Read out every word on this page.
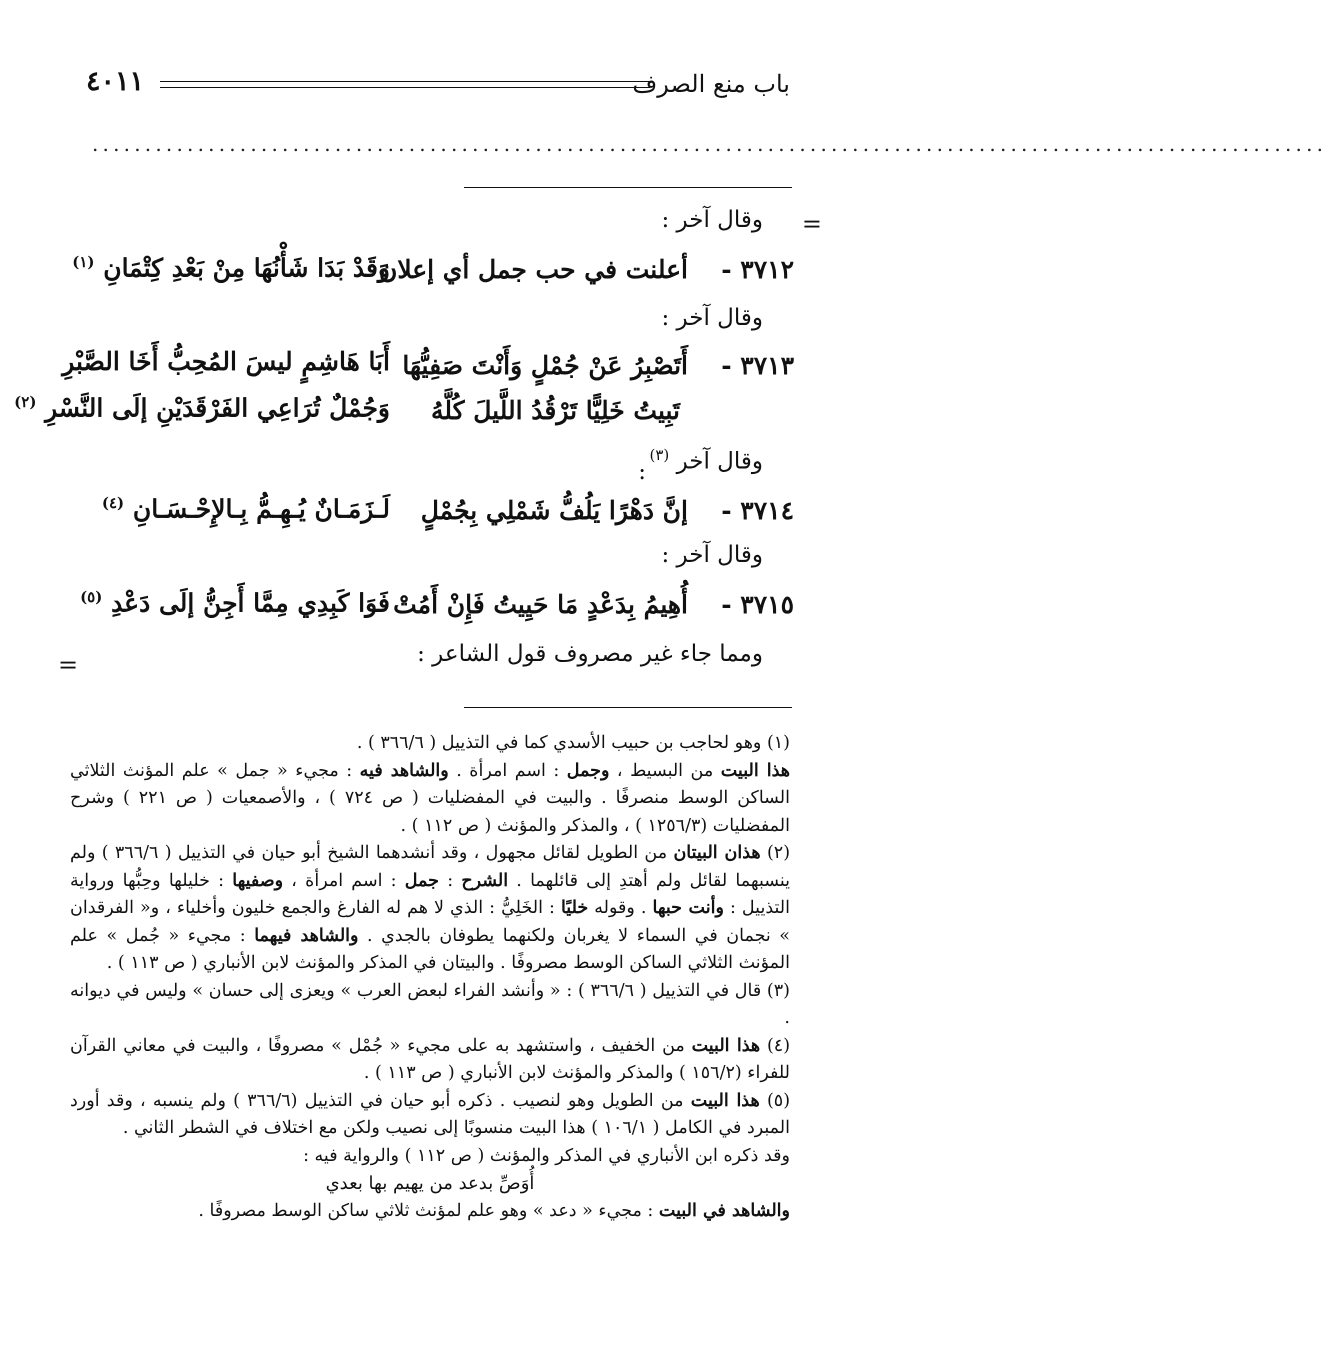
باب منع الصرف
٤٠١١
.....................................................................................................................
=
=
وقال آخر :
٣٧١٢ -
أعلنت في حب جمل أي إعلان
وَقَدْ بَدَا شَأْنُهَا مِنْ بَعْدِ كِتْمَانِ $^{(١)}$
وقال آخر :
٣٧١٣ -
أَتَصْبِرُ عَنْ جُمْلٍ وَأَنْتَ صَفِيُّهَا
أَبَا هَاشِمٍ ليسَ المُحِبُّ أَخَا الصَّبْرِ
تَبِيتُ خَلِيًّا تَرْقُدُ اللَّيلَ كُلَّهُ
وَجُمْلٌ تُرَاعِي الفَرْقَدَيْنِ إلَى النَّسْرِ $^{(٢)}$
وقال آخر $^{(٣)}$
:
٣٧١٤ -
إنَّ دَهْرًا يَلُفُّ شَمْلِي بِجُمْلٍ
لَـزَمَـانٌ يُـهِـمُّ بِـالإِحْـسَـانِ $^{(٤)}$
وقال آخر :
٣٧١٥ -
أُهِيمُ بِدَعْدٍ مَا حَيِيتُ فَإِنْ أَمُتْ
فَوَا كَبِدِي مِمَّا أَجِنُّ إلَى دَعْدِ $^{(٥)}$
ومما جاء غير مصروف قول الشاعر :

(١) وهو لحاجب بن حبيب الأسدي كما في التذييل ( ٣٦٦/٦ ) .

هذا البيت من البسيط ، وجمل : اسم امرأة . والشاهد فيه : مجيء « جمل » علم المؤنث الثلاثي الساكن الوسط منصرفًا . والبيت في المفضليات ( ص ٧٢٤ ) ، والأصمعيات ( ص ٢٢١ ) وشرح المفضليات (١٢٥٦/٣ ) ، والمذكر والمؤنث ( ص ١١٢ ) .

(٢) هذان البيتان من الطويل لقائل مجهول ، وقد أنشدهما الشيخ أبو حيان في التذييل ( ٣٦٦/٦ ) ولم ينسبهما لقائل ولم أهتدِ إلى قائلهما . الشرح : جمل : اسم امرأة ، وصفيها : خليلها وحِبُّها ورواية التذييل : وأنت حبها . وقوله خليًا : الخَلِيُّ : الذي لا هم له الفارغ والجمع خليون وأخلياء ، و« الفرقدان » نجمان في السماء لا يغربان ولكنهما يطوفان بالجدي . والشاهد فيهما : مجيء « جُمل » علم المؤنث الثلاثي الساكن الوسط مصروفًا . والبيتان في المذكر والمؤنث لابن الأنباري ( ص ١١٣ ) .

(٣) قال في التذييل ( ٣٦٦/٦ ) : « وأنشد الفراء لبعض العرب » ويعزى إلى حسان » وليس في ديوانه .

(٤) هذا البيت من الخفيف ، واستشهد به على مجيء « جُمْل » مصروفًا ، والبيت في معاني القرآن للفراء (١٥٦/٢ ) والمذكر والمؤنث لابن الأنباري ( ص ١١٣ ) .

(٥) هذا البيت من الطويل وهو لنصيب . ذكره أبو حيان في التذييل (٣٦٦/٦ ) ولم ينسبه ، وقد أورد المبرد في الكامل ( ١٠٦/١ ) هذا البيت منسوبًا إلى نصيب ولكن مع اختلاف في الشطر الثاني .

وقد ذكره ابن الأنباري في المذكر والمؤنث ( ص ١١٢ ) والرواية فيه :

أُوَصِّ بدعد من يهيم بها بعدي

والشاهد في البيت : مجيء « دعد » وهو علم لمؤنث ثلاثي ساكن الوسط مصروفًا .
